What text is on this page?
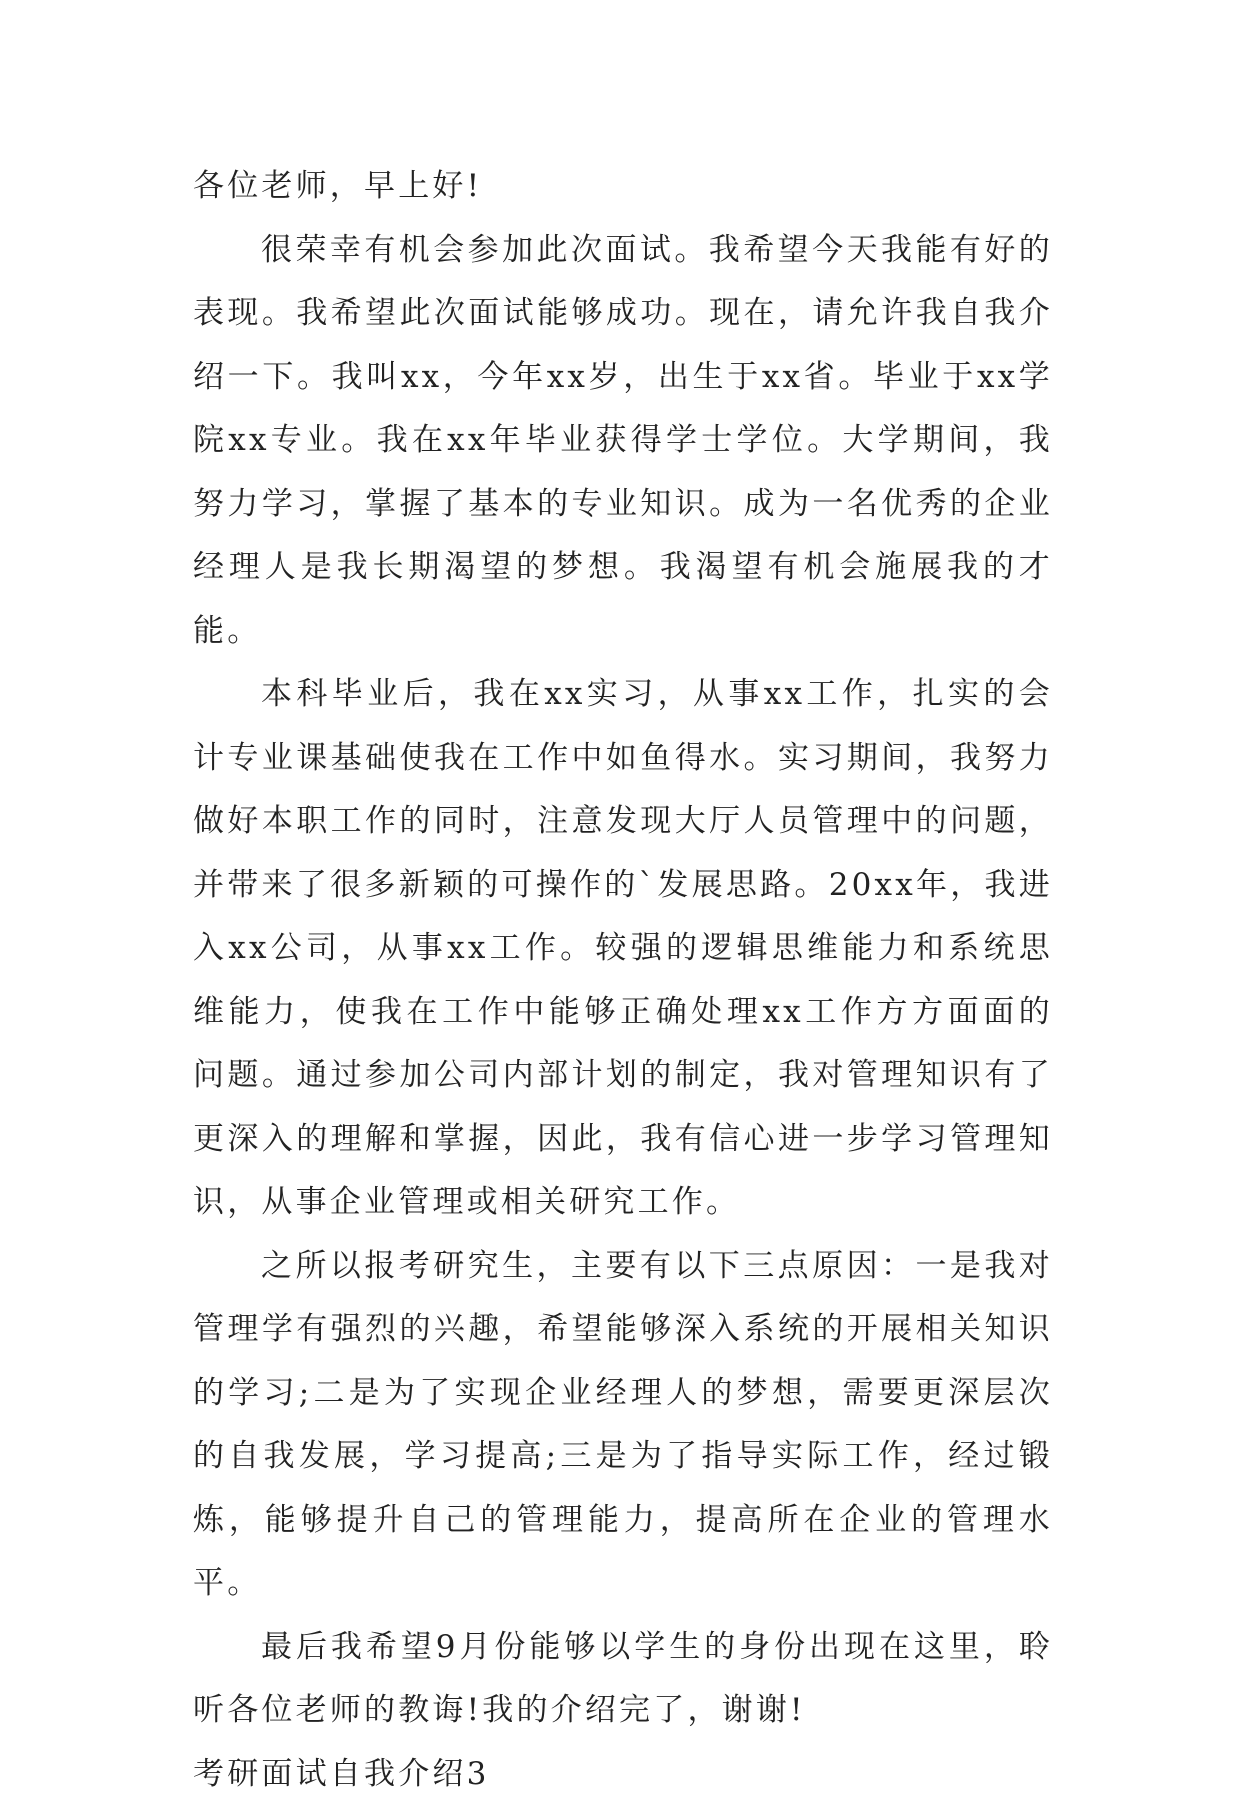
各位老师，早上好!

很荣幸有机会参加此次面试。我希望今天我能有好的表现。我希望此次面试能够成功。现在，请允许我自我介绍一下。我叫xx，今年xx岁，出生于xx省。毕业于xx学院xx专业。我在xx年毕业获得学士学位。大学期间，我努力学习，掌握了基本的专业知识。成为一名优秀的企业经理人是我长期渴望的梦想。我渴望有机会施展我的才能。

本科毕业后，我在xx实习，从事xx工作，扎实的会计专业课基础使我在工作中如鱼得水。实习期间，我努力做好本职工作的同时，注意发现大厅人员管理中的问题，并带来了很多新颖的可操作的`发展思路。20xx年，我进入xx公司，从事xx工作。较强的逻辑思维能力和系统思维能力，使我在工作中能够正确处理xx工作方方面面的问题。通过参加公司内部计划的制定，我对管理知识有了更深入的理解和掌握，因此，我有信心进一步学习管理知识，从事企业管理或相关研究工作。

之所以报考研究生，主要有以下三点原因：一是我对管理学有强烈的兴趣，希望能够深入系统的开展相关知识的学习;二是为了实现企业经理人的梦想，需要更深层次的自我发展，学习提高;三是为了指导实际工作，经过锻炼，能够提升自己的管理能力，提高所在企业的管理水平。

最后我希望9月份能够以学生的身份出现在这里，聆听各位老师的教诲!我的介绍完了，谢谢!

考研面试自我介绍3
